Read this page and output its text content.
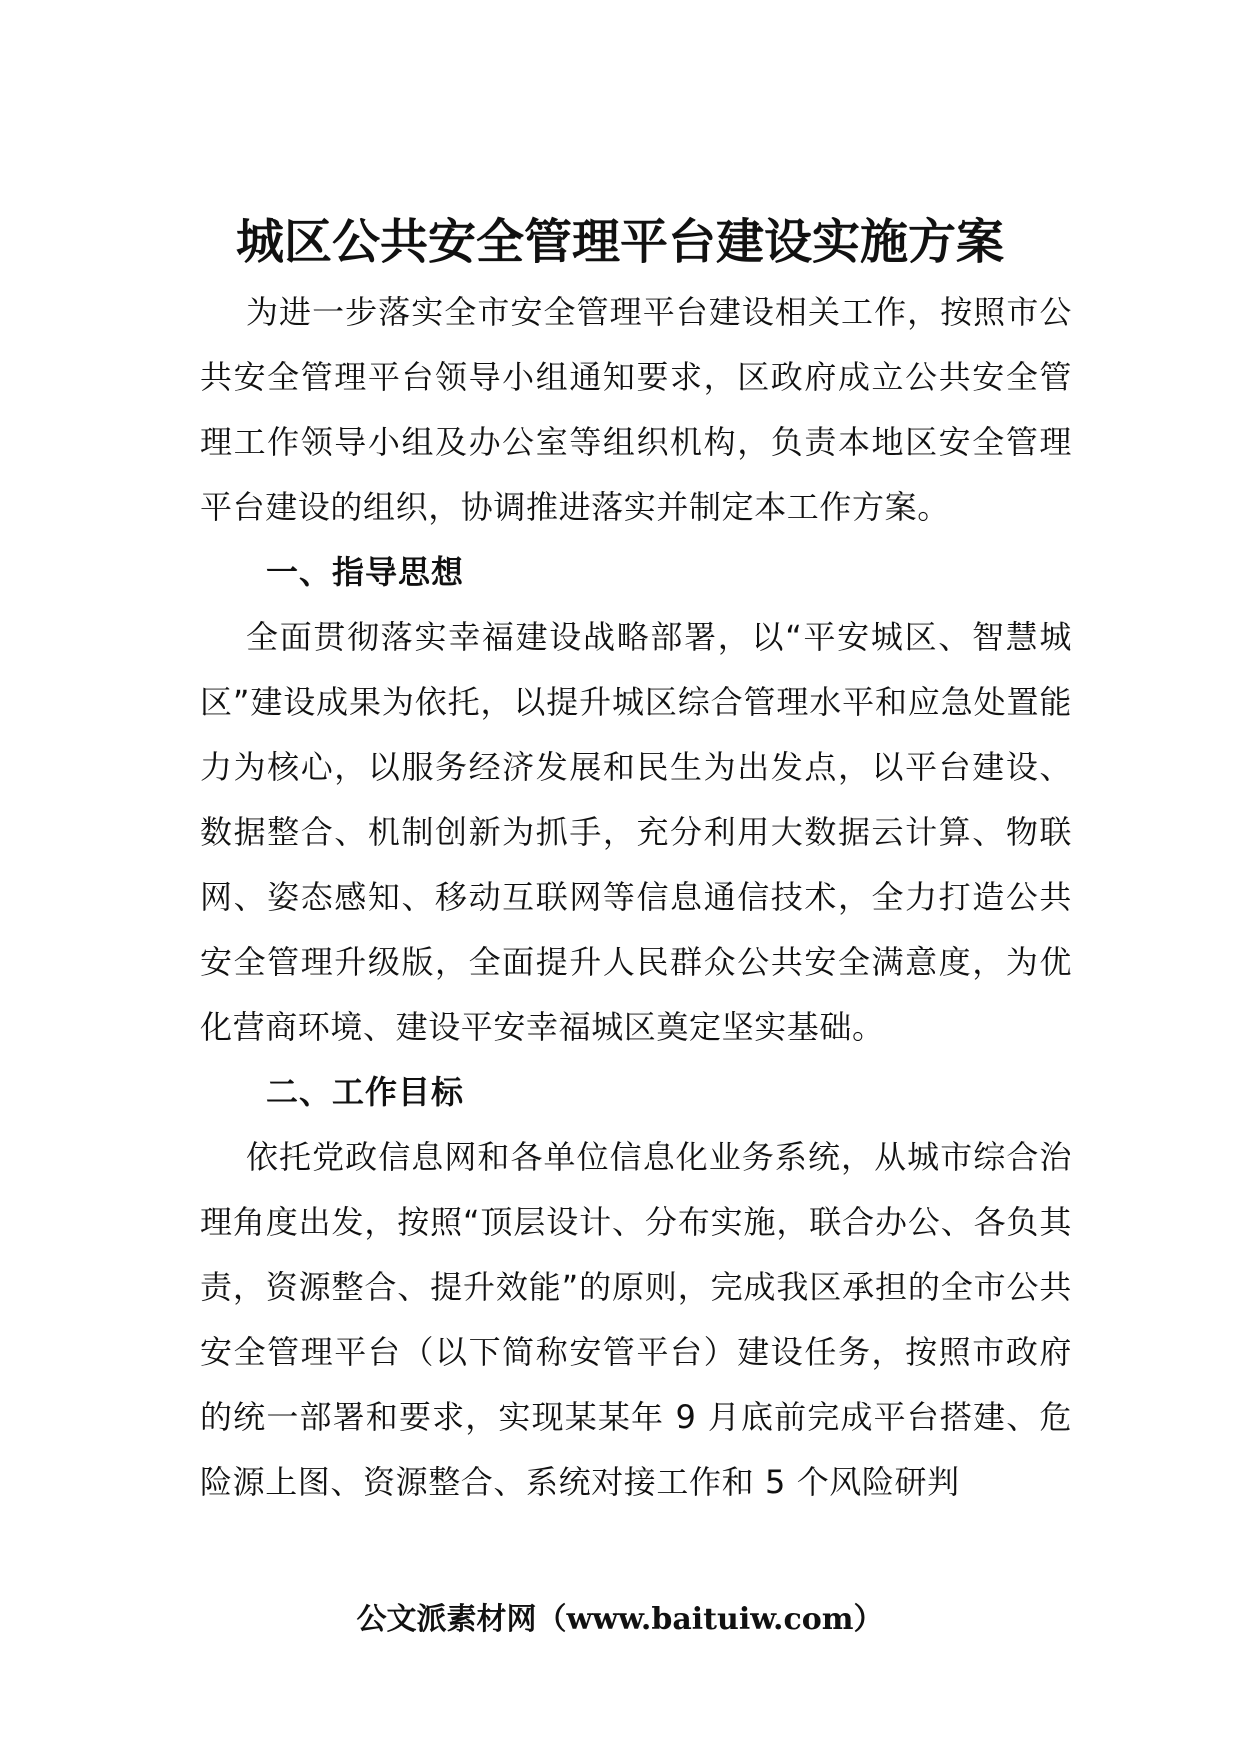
城区公共安全管理平台建设实施方案

为进一步落实全市安全管理平台建设相关工作，按照市公共安全管理平台领导小组通知要求，区政府成立公共安全管理工作领导小组及办公室等组织机构，负责本地区安全管理平台建设的组织，协调推进落实并制定本工作方案。

一、指导思想

全面贯彻落实幸福建设战略部署，以“平安城区、智慧城区”建设成果为依托，以提升城区综合管理水平和应急处置能力为核心，以服务经济发展和民生为出发点，以平台建设、数据整合、机制创新为抓手，充分利用大数据云计算、物联网、姿态感知、移动互联网等信息通信技术，全力打造公共安全管理升级版，全面提升人民群众公共安全满意度，为优化营商环境、建设平安幸福城区奠定坚实基础。

二、工作目标

依托党政信息网和各单位信息化业务系统，从城市综合治理角度出发，按照“顶层设计、分布实施，联合办公、各负其责，资源整合、提升效能”的原则，完成我区承担的全市公共安全管理平台（以下简称安管平台）建设任务，按照市政府的统一部署和要求，实现某某年 9 月底前完成平台搭建、危险源上图、资源整合、系统对接工作和 5 个风险研判

公文派素材网（www.baituiw.com）
